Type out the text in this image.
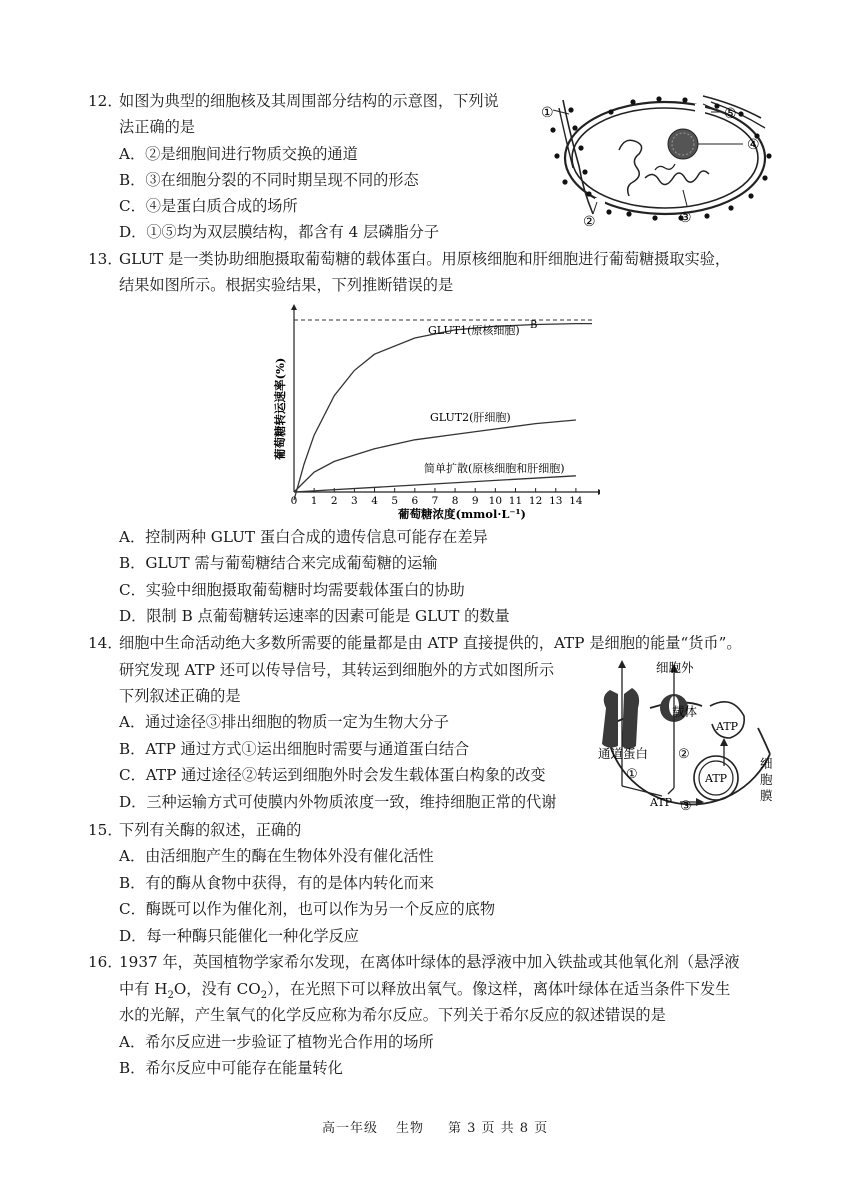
12．
如图为典型的细胞核及其周围部分结构的示意图，下列说
法正确的是
A．②是细胞间进行物质交换的通道
B．③在细胞分裂的不同时期呈现不同的形态
C．④是蛋白质合成的场所
D．①⑤均为双层膜结构，都含有 4 层磷脂分子
①	⑤
④
②	③
13．
GLUT 是一类协助细胞摄取葡萄糖的载体蛋白。用原核细胞和肝细胞进行葡萄糖摄取实验，
结果如图所示。根据实验结果，下列推断错误的是
0 1 2 3 4 5 6 7 8 9 10 11 12 13 14
GLUT1(原核细胞)
GLUT2(肝细胞)
简单扩散(原核细胞和肝细胞)
B
葡萄糖浓度(mmol·L⁻¹)
葡萄糖转运速率(%)
A．控制两种 GLUT 蛋白合成的遗传信息可能存在差异
B．GLUT 需与葡萄糖结合来完成葡萄糖的运输
C．实验中细胞摄取葡萄糖时均需要载体蛋白的协助
D．限制 B 点葡萄糖转运速率的因素可能是 GLUT 的数量
14．
细胞中生命活动绝大多数所需要的能量都是由 ATP 直接提供的，ATP 是细胞的能量“货币”。
研究发现 ATP 还可以传导信号，其转运到细胞外的方式如图所示
下列叙述正确的是
A．通过途径③排出细胞的物质一定为生物大分子
B．ATP 通过方式①运出细胞时需要与通道蛋白结合
C．ATP 通过途径②转运到细胞外时会发生载体蛋白构象的改变
D．三种运输方式可使膜内外物质浓度一致，维持细胞正常的代谢
细胞外
载体
通道蛋白
ATP
ATP
ATP
①
②
③
细
胞
膜
15．
下列有关酶的叙述，正确的
A．由活细胞产生的酶在生物体外没有催化活性
B．有的酶从食物中获得，有的是体内转化而来
C．酶既可以作为催化剂，也可以作为另一个反应的底物
D．每一种酶只能催化一种化学反应
16．
1937 年，英国植物学家希尔发现，在离体叶绿体的悬浮液中加入铁盐或其他氧化剂（悬浮液
中有 $H_2O$，没有 $CO_2$），在光照下可以释放出氧气。像这样，离体叶绿体在适当条件下发生
水的光解，产生氧气的化学反应称为希尔反应。下列关于希尔反应的叙述错误的是
A．希尔反应进一步验证了植物光合作用的场所
B．希尔反应中可能存在能量转化
高一年级 生物 第 3 页 共 8 页
